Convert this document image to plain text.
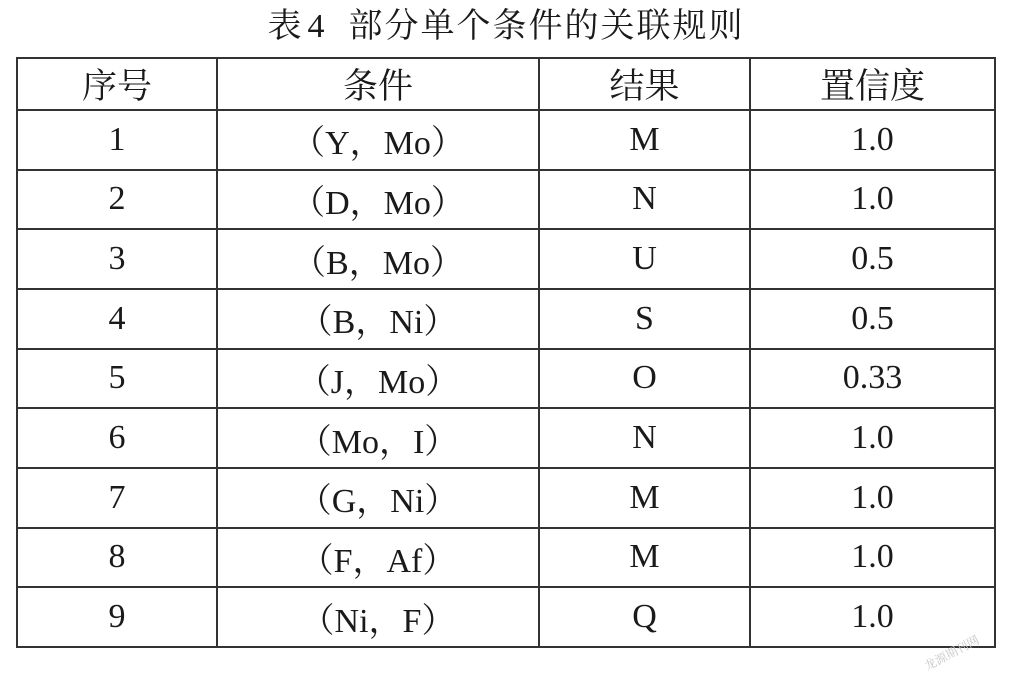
表 4 部分单个条件的关联规则
序号	条件	结果	置信度
1	（Y，Mo）	M	1.0
2	（D，Mo）	N	1.0
3	（B，Mo）	U	0.5
4	（B，Ni）	S	0.5
5	（J，Mo）	O	0.33
6	（Mo，I）	N	1.0
7	（G，Ni）	M	1.0
8	（F，Af）	M	1.0
9	（Ni，F）	Q	1.0
龙源期刊网
